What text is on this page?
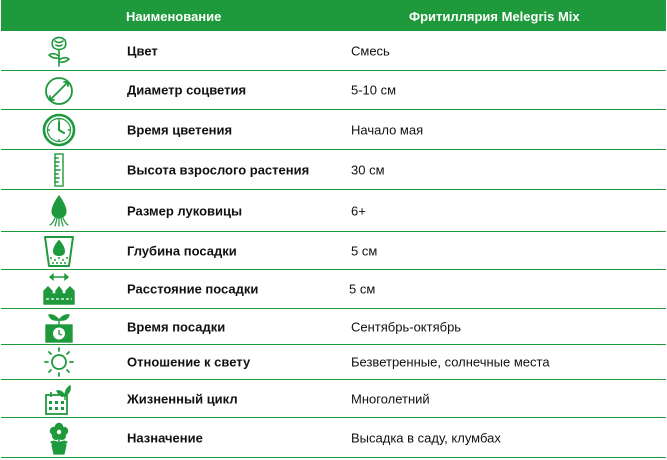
Наименование	Фритиллярия Melegris Mix
Цвет	Смесь
Диаметр соцветия	5-10 см
Время цветения	Начало мая
Высота взрослого растения	30 см
Размер луковицы	6+
Глубина посадки	5 см
Расстояние посадки	5 см
Время посадки	Сентябрь-октябрь
Отношение к свету	Безветренные, солнечные места
Жизненный цикл	Многолетний
Назначение	Высадка в саду, клумбах
